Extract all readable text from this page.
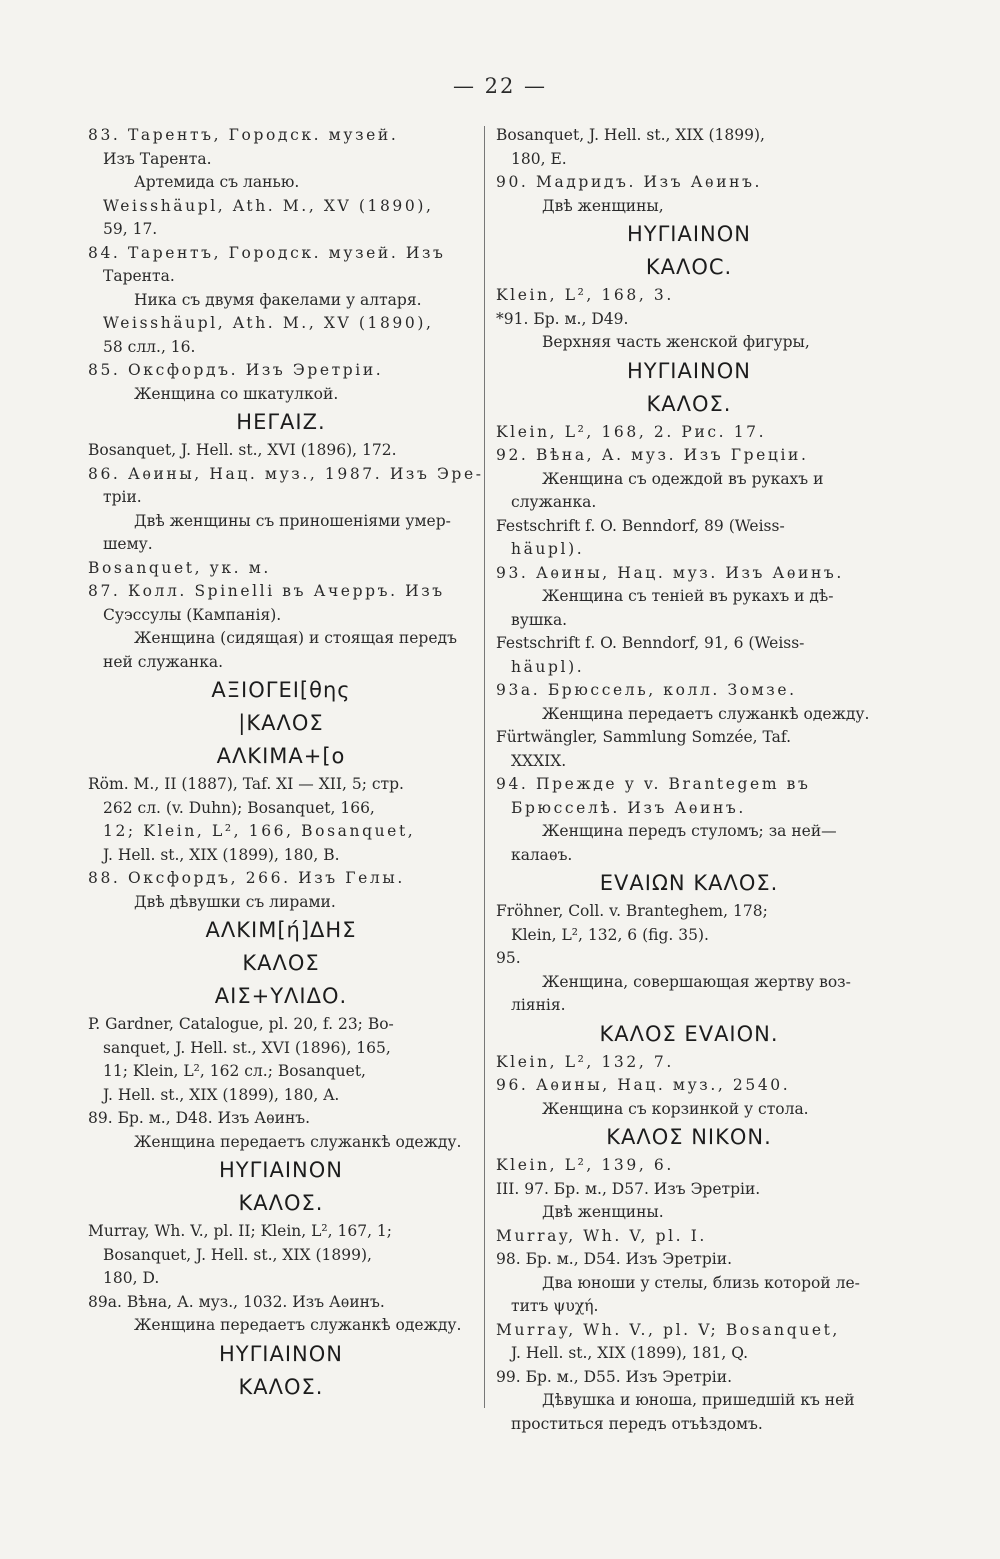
— 22 —
83. Тарентъ, Городск. музей.
Изъ Тарента.
Артемида съ ланью.
Weisshäupl, Ath. M., XV (1890),
59, 17.
84. Тарентъ, Городск. музей. Изъ
Тарента.
Ника съ двумя факелами у алтаря.
Weisshäupl, Ath. M., XV (1890),
58 слл., 16.
85. Оксфордъ. Изъ Эретріи.
Женщина со шкатулкой.
ΗΕΓΑΙΖ.
Bosanquet, J. Hell. st., XVI (1896), 172.
86. Аѳины, Нац. муз., 1987. Изъ Эре-
тріи.
Двѣ женщины съ приношеніями умер-
шему.
Bosanquet, ук. м.
87. Колл. Spinelli въ Ачерръ. Изъ
Суэссулы (Кампанія).
Женщина (сидящая) и стоящая передъ
ней служанка.
ΑΞΙΟΓΕΙ[θης
|ΚΑΛΟΣ
ΑΛΚΙΜΑ+[ο
Röm. M., II (1887), Taf. XI — XII, 5; стр.
262 сл. (v. Duhn); Bosanquet, 166,
12; Klein, L², 166, Bosanquet,
J. Hell. st., XIX (1899), 180, B.
88. Оксфордъ, 266. Изъ Гелы.
Двѣ дѣвушки съ лирами.
ΑΛΚΙΜ[ή]ΔΗΣ
ΚΑΛΟΣ
ΑΙΣ+ΥΛΙΔΟ.
P. Gardner, Catalogue, pl. 20, f. 23; Bo-
sanquet, J. Hell. st., XVI (1896), 165,
11; Klein, L², 162 сл.; Bosanquet,
J. Hell. st., XIX (1899), 180, A.
89. Бр. м., D48. Изъ Аѳинъ.
Женщина передаетъ служанкѣ одежду.
ΗΥΓΙΑΙΝΟΝ
ΚΑΛΟΣ.
Murray, Wh. V., pl. II; Klein, L², 167, 1;
Bosanquet, J. Hell. st., XIX (1899),
180, D.
89a. Вѣна, А. муз., 1032. Изъ Аѳинъ.
Женщина передаетъ служанкѣ одежду.
ΗΥΓΙΑΙΝΟΝ
ΚΑΛΟΣ.
Bosanquet, J. Hell. st., XIX (1899),
180, E.
90. Мадридъ. Изъ Аѳинъ.
Двѣ женщины,
ΗΥΓΙΑΙΝΟΝ
ΚΑΛΟϹ.
Klein, L², 168, 3.
*91. Бр. м., D49.
Верхняя часть женской фигуры,
ΗΥΓΙΑΙΝΟΝ
ΚΑΛΟΣ.
Klein, L², 168, 2. Рис. 17.
92. Вѣна, А. муз. Изъ Греціи.
Женщина съ одеждой въ рукахъ и
служанка.
Festschrift f. O. Benndorf, 89 (Weiss-
häupl).
93. Аѳины, Нац. муз. Изъ Аѳинъ.
Женщина съ теніей въ рукахъ и дѣ-
вушка.
Festschrift f. O. Benndorf, 91, 6 (Weiss-
häupl).
93a. Брюссель, колл. Зомзе.
Женщина передаетъ служанкѣ одежду.
Fürtwängler, Sammlung Somzée, Taf.
XXXIX.
94. Прежде у v. Brantegem въ
Брюсселѣ. Изъ Аѳинъ.
Женщина передъ стуломъ; за ней—
калаѳъ.
ΕVΑΙΩΝ ΚΑΛΟΣ.
Fröhner, Coll. v. Branteghem, 178;
Klein, L², 132, 6 (fig. 35).
95.
Женщина, совершающая жертву воз-
ліянія.
ΚΑΛΟΣ ΕVΑΙΟΝ.
Klein, L², 132, 7.
96. Аѳины, Нац. муз., 2540.
Женщина съ корзинкой у стола.
ΚΑΛΟΣ ΝΙΚΟΝ.
Klein, L², 139, 6.
III. 97. Бр. м., D57. Изъ Эретріи.
Двѣ женщины.
Murray, Wh. V, pl. I.
98. Бр. м., D54. Изъ Эретріи.
Два юноши у стелы, близь которой ле-
титъ ψυχή.
Murray, Wh. V., pl. V; Bosanquet,
J. Hell. st., XIX (1899), 181, Q.
99. Бр. м., D55. Изъ Эретріи.
Дѣвушка и юноша, пришедшій къ ней
проститься передъ отъѣздомъ.
